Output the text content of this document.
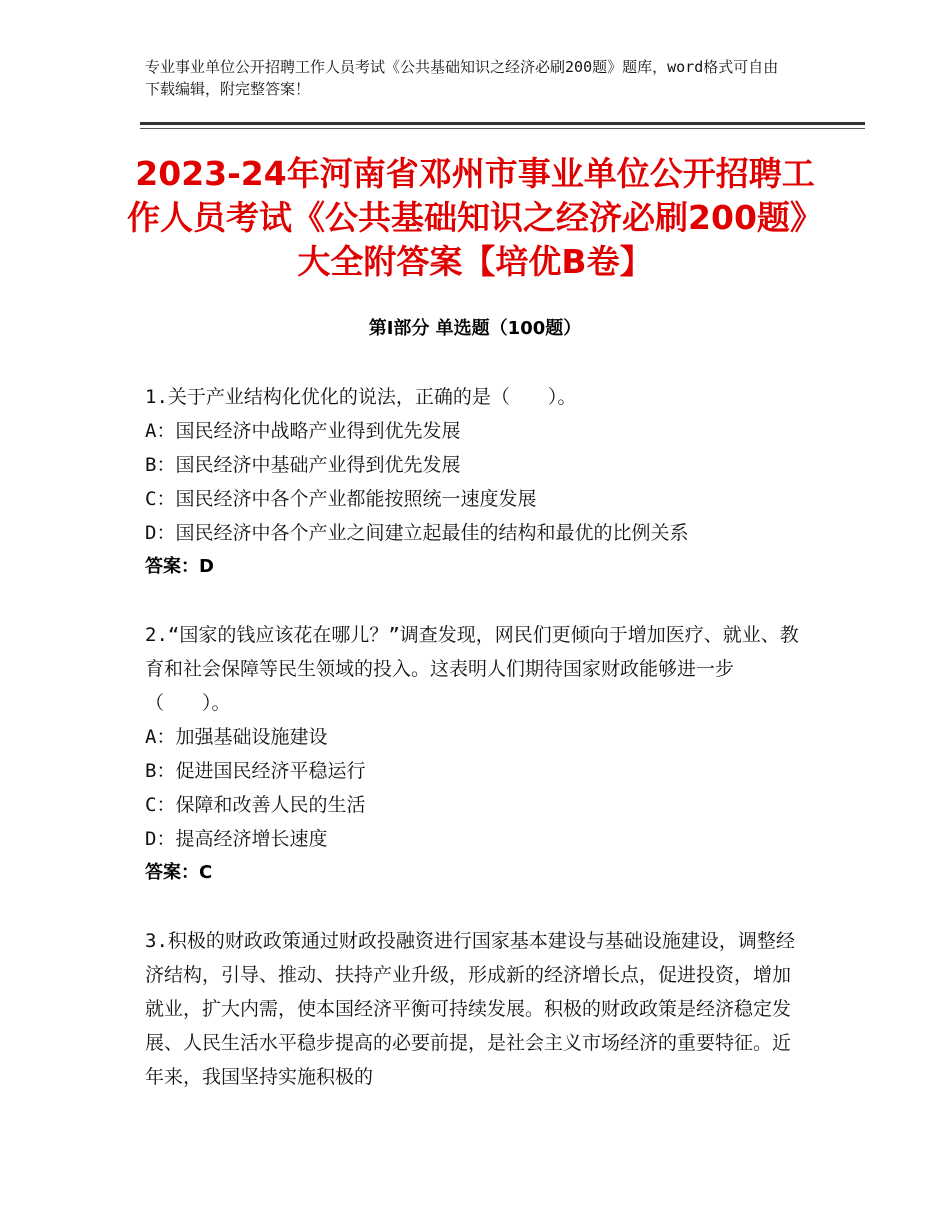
专业事业单位公开招聘工作人员考试《公共基础知识之经济必刷200题》题库，word格式可自由下载编辑，附完整答案！
2023-24年河南省邓州市事业单位公开招聘工作人员考试《公共基础知识之经济必刷200题》大全附答案【培优B卷】
第Ⅰ部分 单选题（100题）

1.关于产业结构化优化的说法，正确的是（　　）。

A：国民经济中战略产业得到优先发展

B：国民经济中基础产业得到优先发展

C：国民经济中各个产业都能按照统一速度发展

D：国民经济中各个产业之间建立起最佳的结构和最优的比例关系

答案：D

2.“国家的钱应该花在哪儿？”调查发现，网民们更倾向于增加医疗、就业、教育和社会保障等民生领域的投入。这表明人们期待国家财政能够进一步（　　）。

A：加强基础设施建设

B：促进国民经济平稳运行

C：保障和改善人民的生活

D：提高经济增长速度

答案：C

3.积极的财政政策通过财政投融资进行国家基本建设与基础设施建设，调整经济结构，引导、推动、扶持产业升级，形成新的经济增长点，促进投资，增加就业，扩大内需，使本国经济平衡可持续发展。积极的财政政策是经济稳定发展、人民生活水平稳步提高的必要前提，是社会主义市场经济的重要特征。近年来，我国坚持实施积极的
